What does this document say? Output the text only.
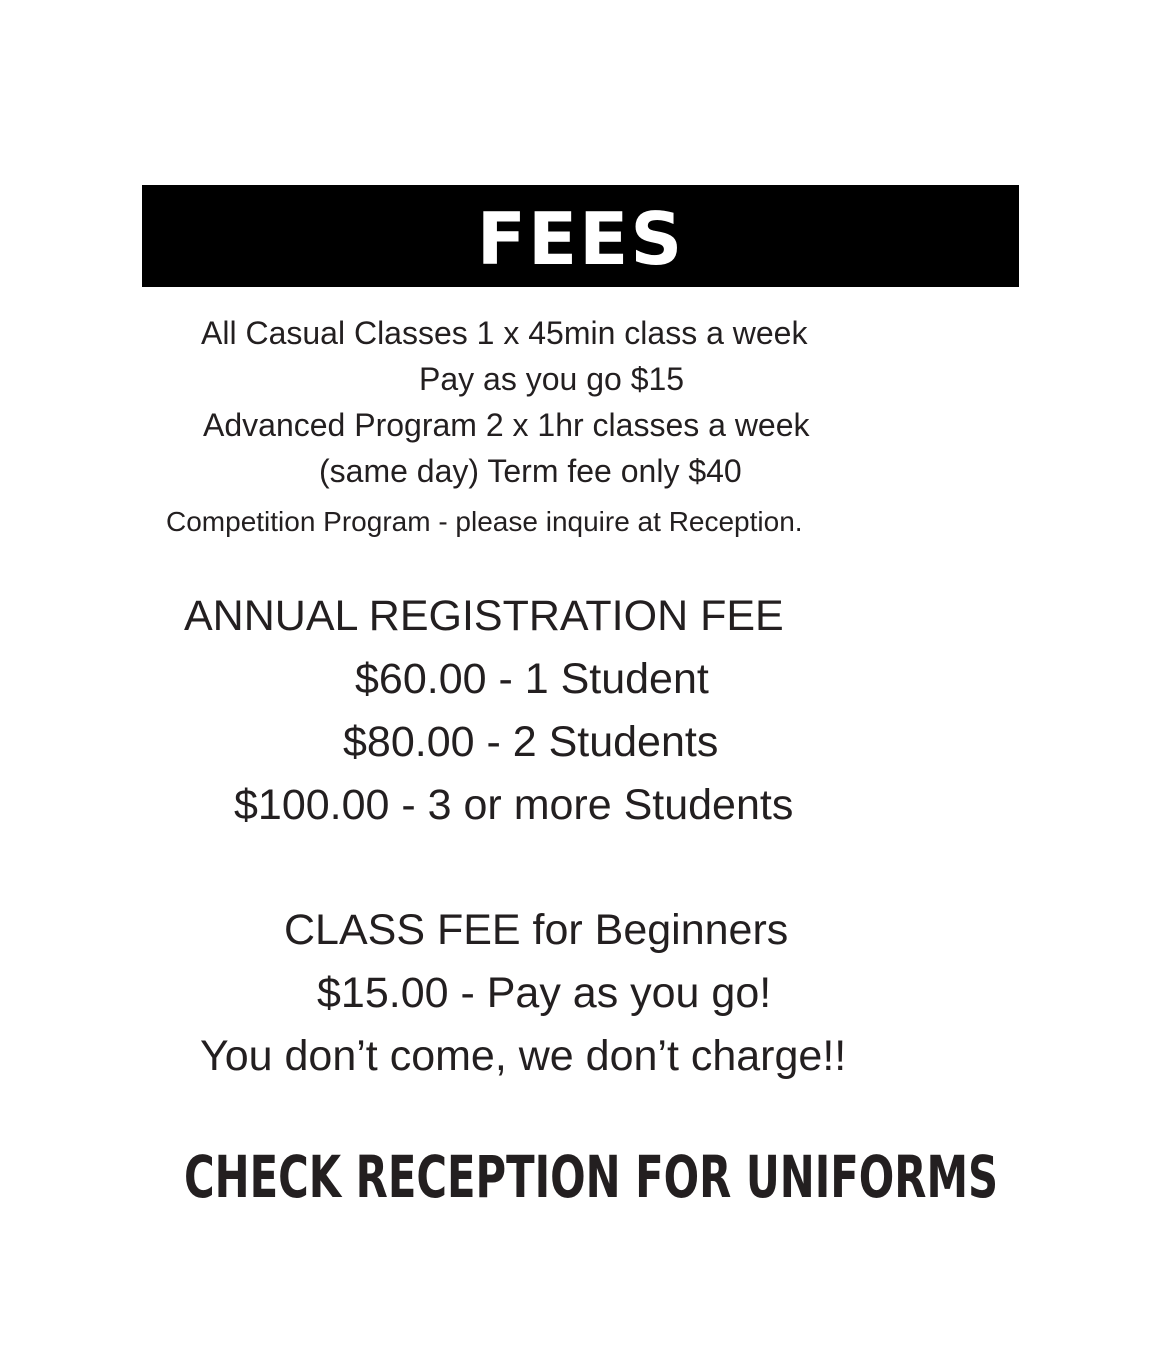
FEES
All Casual Classes 1 x 45min class a week
Pay as you go $15
Advanced Program 2 x 1hr classes a week
(same day) Term fee only $40
Competition Program - please inquire at Reception.
ANNUAL REGISTRATION FEE
$60.00 - 1 Student
$80.00 - 2 Students
$100.00 - 3 or more Students
CLASS FEE for Beginners
$15.00 - Pay as you go!
You don’t come, we don’t charge!!
CHECK RECEPTION FOR UNIFORMS
